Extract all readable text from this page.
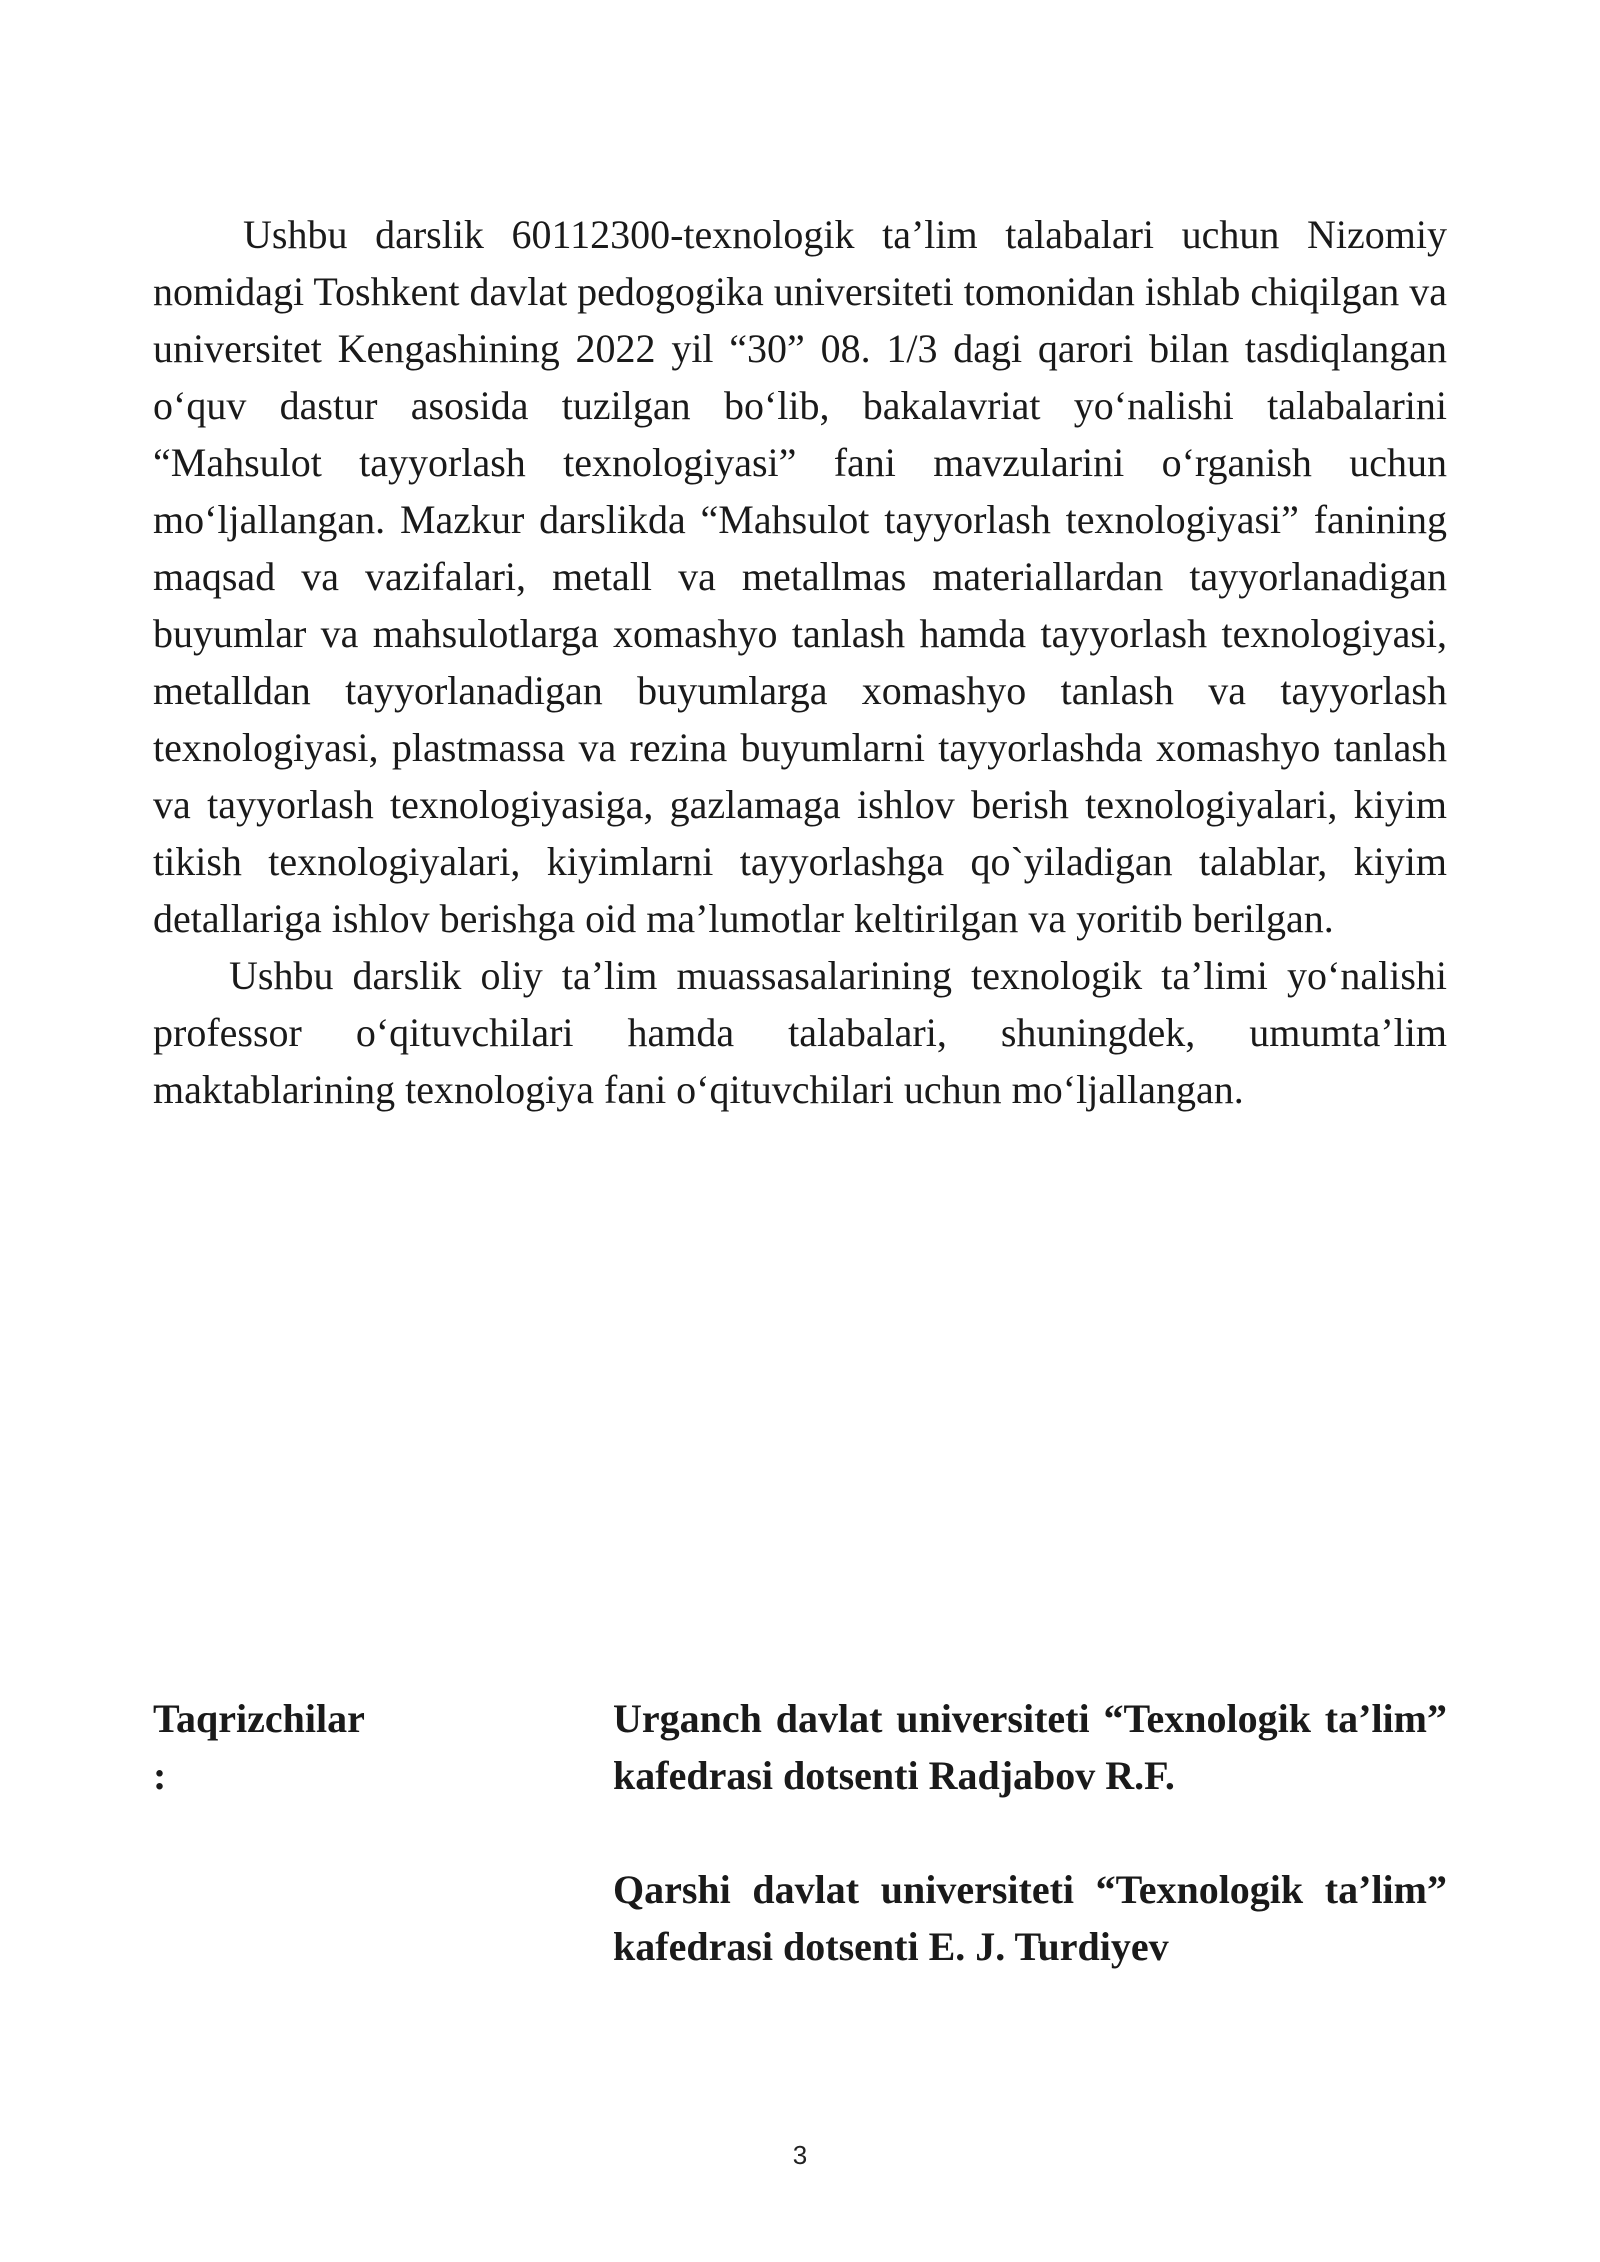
Ushbu darslik 60112300-texnologik ta’lim talabalari uchun Nizomiy nomidagi Toshkent davlat pedogogika universiteti tomonidan ishlab chiqilgan va universitet Kengashining 2022 yil “30” 08. 1/3 dagi qarori bilan tasdiqlangan o‘quv dastur asosida tuzilgan bo‘lib, bakalavriat yo‘nalishi talabalarini “Mahsulot tayyorlash texnologiyasi” fani mavzularini o‘rganish uchun mo‘ljallangan. Mazkur darslikda “Mahsulot tayyorlash texnologiyasi” fanining maqsad va vazifalari, metall va metallmas materiallardan tayyorlanadigan buyumlar va mahsulotlarga xomashyo tanlash hamda tayyorlash texnologiyasi, metalldan tayyorlanadigan buyumlarga xomashyo tanlash va tayyorlash texnologiyasi, plastmassa va rezina buyumlarni tayyorlashda xomashyo tanlash va tayyorlash texnologiyasiga, gazlamaga ishlov berish texnologiyalari, kiyim tikish texnologiyalari, kiyimlarni tayyorlashga qo`yiladigan talablar, kiyim detallariga ishlov berishga oid ma’lumotlar keltirilgan va yoritib berilgan.

Ushbu darslik oliy ta’lim muassasalarining texnologik ta’limi yo‘nalishi professor o‘qituvchilari hamda talabalari, shuningdek, umumta’lim maktablarining texnologiya fani o‘qituvchilari uchun mo‘ljallangan.

Taqrizchilar
:

Urganch davlat universiteti “Texnologik ta’lim” kafedrasi dotsenti Radjabov R.F.

Qarshi davlat universiteti “Texnologik ta’lim” kafedrasi dotsenti E. J. Turdiyev

3
